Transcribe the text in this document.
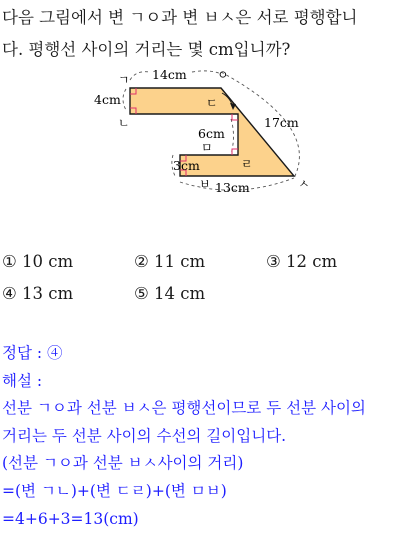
다음 그림에서 변 ㄱㅇ과 변 ㅂㅅ은 서로 평행합니
다. 평행선 사이의 거리는 몇 cm입니까?
ㄱ	ㅇ
ㄴ
ㄷ
ㅁ
ㄹ
ㅂ	ㅅ
14cm
4cm
6cm
17cm
3cm
13cm
① 10 cm	② 11 cm	③ 12 cm
④ 13 cm	⑤ 14 cm
정답 : ④
해설 :
선분 ㄱㅇ과 선분 ㅂㅅ은 평행선이므로 두 선분 사이의
거리는 두 선분 사이의 수선의 길이입니다.
(선분 ㄱㅇ과 선분 ㅂㅅ사이의 거리)
=(변 ㄱㄴ)+(변 ㄷㄹ)+(변 ㅁㅂ)
=4+6+3=13(cm)
